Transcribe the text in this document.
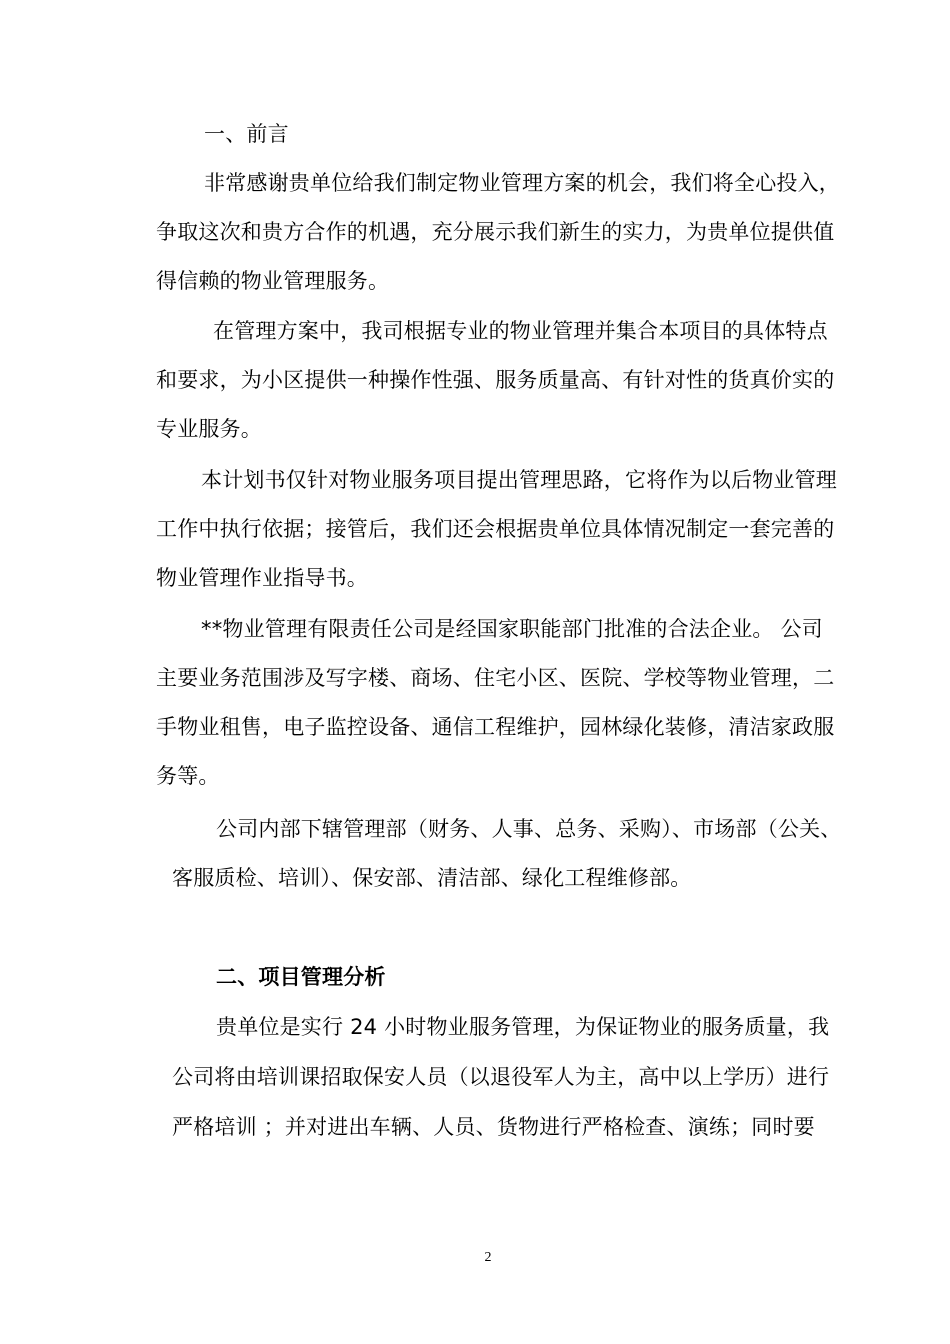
一、前言
非常感谢贵单位给我们制定物业管理方案的机会，我们将全心投入，
争取这次和贵方合作的机遇，充分展示我们新生的实力，为贵单位提供值
得信赖的物业管理服务。
在管理方案中，我司根据专业的物业管理并集合本项目的具体特点
和要求，为小区提供一种操作性强、服务质量高、有针对性的货真价实的
专业服务。
本计划书仅针对物业服务项目提出管理思路，它将作为以后物业管理
工作中执行依据；接管后，我们还会根据贵单位具体情况制定一套完善的
物业管理作业指导书。
**物业管理有限责任公司是经国家职能部门批准的合法企业。 公司
主要业务范围涉及写字楼、商场、住宅小区、医院、学校等物业管理，二
手物业租售，电子监控设备、通信工程维护，园林绿化装修，清洁家政服
务等。
公司内部下辖管理部（财务、人事、总务、采购）、市场部（公关、
客服质检、培训）、保安部、清洁部、绿化工程维修部。
二、项目管理分析
贵单位是实行 24 小时物业服务管理，为保证物业的服务质量，我
公司将由培训课招取保安人员（以退役军人为主，高中以上学历）进行
严格培训 ；并对进出车辆、人员、货物进行严格检查、演练；同时要
2
